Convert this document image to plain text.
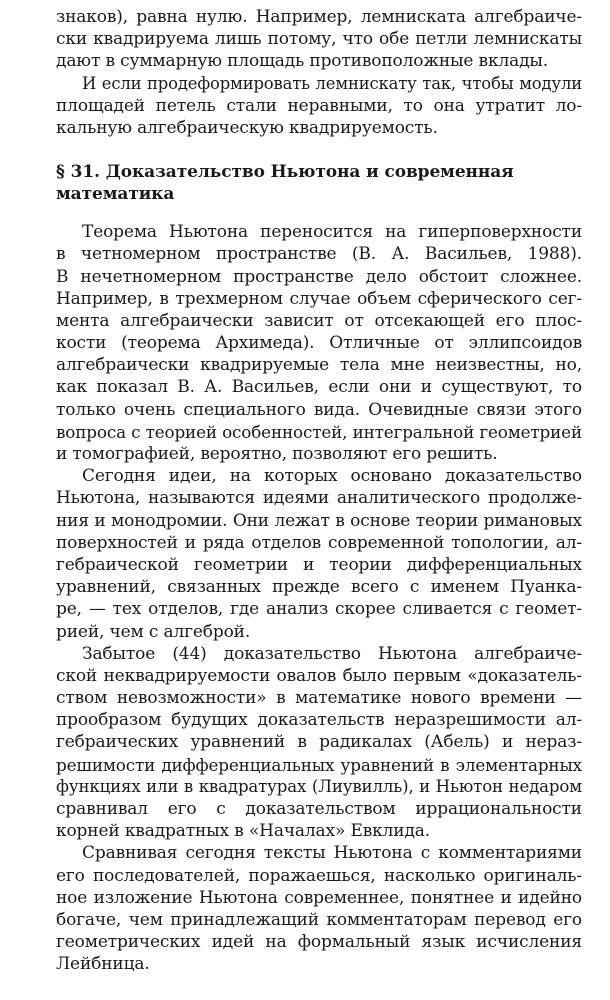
знаков), равна нулю. Например, лемниската алгебраиче-
ски квадрируема лишь потому, что обе петли лемнискаты
дают в суммарную площадь противоположные вклады.
И если продеформировать лемнискату так, чтобы модули
площадей петель стали неравными, то она утратит ло-
кальную алгебраическую квадрируемость.
§ 31. Доказательство Ньютона и современная
математика
Теорема Ньютона переносится на гиперповерхности
в четномерном пространстве (В. А. Васильев, 1988).
В нечетномерном пространстве дело обстоит сложнее.
Например, в трехмерном случае объем сферического сег-
мента алгебраически зависит от отсекающей его плос-
кости (теорема Архимеда). Отличные от эллипсоидов
алгебраически квадрируемые тела мне неизвестны, но,
как показал В. А. Васильев, если они и существуют, то
только очень специального вида. Очевидные связи этого
вопроса с теорией особенностей, интегральной геометрией
и томографией, вероятно, позволяют его решить.
Сегодня идеи, на которых основано доказательство
Ньютона, называются идеями аналитического продолже-
ния и монодромии. Они лежат в основе теории римановых
поверхностей и ряда отделов современной топологии, ал-
гебраической геометрии и теории дифференциальных
уравнений, связанных прежде всего с именем Пуанка-
ре, — тех отделов, где анализ скорее сливается с геомет-
рией, чем с алгеброй.
Забытое (44) доказательство Ньютона алгебраиче-
ской неквадрируемости овалов было первым «доказатель-
ством невозможности» в математике нового времени —
прообразом будущих доказательств неразрешимости ал-
гебраических уравнений в радикалах (Абель) и нераз-
решимости дифференциальных уравнений в элементарных
функциях или в квадратурах (Лиувилль), и Ньютон недаром
сравнивал его с доказательством иррациональности
корней квадратных в «Началах» Евклида.
Сравнивая сегодня тексты Ньютона с комментариями
его последователей, поражаешься, насколько оригиналь-
ное изложение Ньютона современнее, понятнее и идейно
богаче, чем принадлежащий комментаторам перевод его
геометрических идей на формальный язык исчисления
Лейбница.
